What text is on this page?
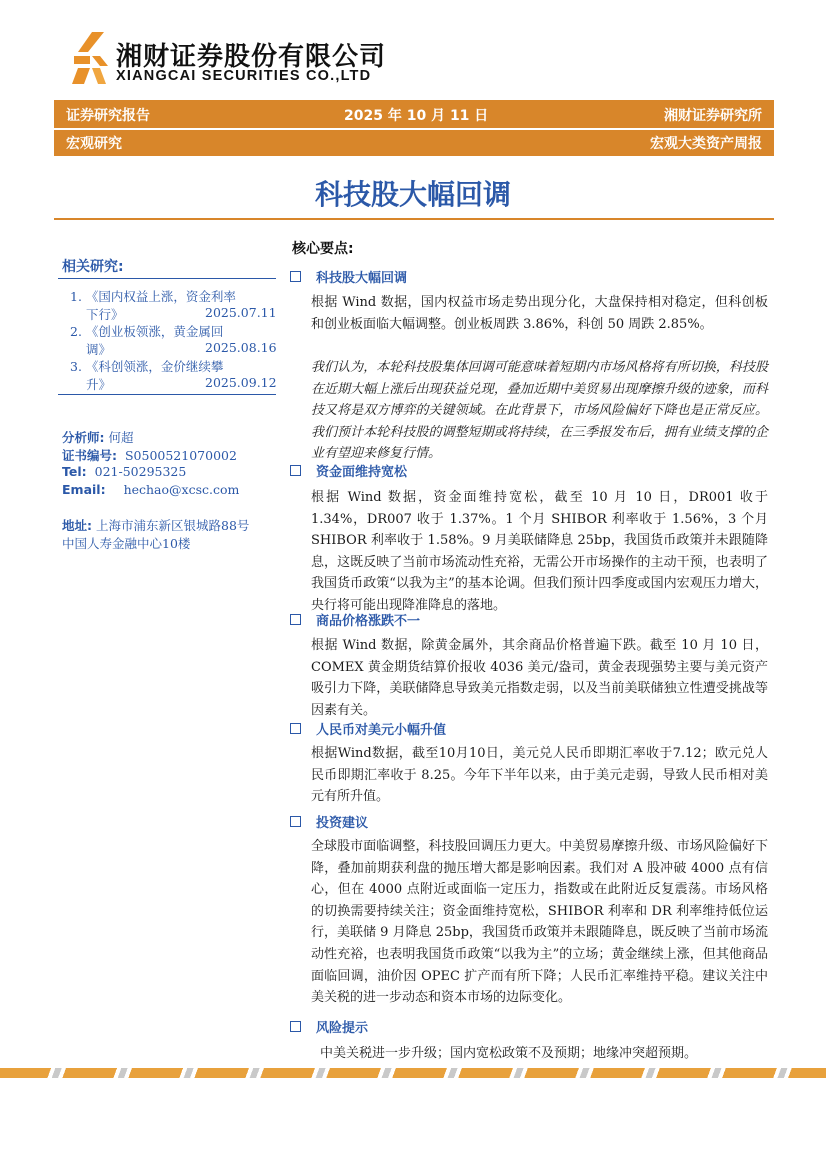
湘财证券股份有限公司
XIANGCAI SECURITIES CO.,LTD
证券研究报告	2025 年 10 月 11 日	湘财证券研究所
宏观研究	宏观大类资产周报
科技股大幅回调
相关研究:
1. 《国内权益上涨，资金利率
下行》	2025.07.11
2. 《创业板领涨，黄金属回
调》	2025.08.16
3. 《科创领涨，金价继续攀
升》	2025.09.12
分析师: 何超
证书编号: S0500521070002
Tel: 021-50295325
Email: hechao@xcsc.com
地址: 上海市浦东新区银城路88号
中国人寿金融中心10楼
核心要点:
科技股大幅回调
根据 Wind 数据，国内权益市场走势出现分化，大盘保持相对稳定，但科创板和创业板面临大幅调整。创业板周跌 3.86%，科创 50 周跌 2.85%。
我们认为，本轮科技股集体回调可能意味着短期内市场风格将有所切换，科技股在近期大幅上涨后出现获益兑现，叠加近期中美贸易出现摩擦升级的迹象，而科技又将是双方博弈的关键领域。在此背景下，市场风险偏好下降也是正常反应。我们预计本轮科技股的调整短期或将持续，在三季报发布后，拥有业绩支撑的企业有望迎来修复行情。
资金面维持宽松
根据 Wind 数据，资金面维持宽松，截至 10 月 10 日，DR001 收于 1.34%，DR007 收于 1.37%。1 个月 SHIBOR 利率收于 1.56%，3 个月 SHIBOR 利率收于 1.58%。9 月美联储降息 25bp，我国货币政策并未跟随降息，这既反映了当前市场流动性充裕，无需公开市场操作的主动干预，也表明了我国货币政策“以我为主”的基本论调。但我们预计四季度或国内宏观压力增大，央行将可能出现降准降息的落地。
商品价格涨跌不一
根据 Wind 数据，除黄金属外，其余商品价格普遍下跌。截至 10 月 10 日，COMEX 黄金期货结算价报收 4036 美元/盎司，黄金表现强势主要与美元资产吸引力下降，美联储降息导致美元指数走弱，以及当前美联储独立性遭受挑战等因素有关。
人民币对美元小幅升值
根据Wind数据，截至10月10日，美元兑人民币即期汇率收于7.12；欧元兑人民币即期汇率收于 8.25。今年下半年以来，由于美元走弱，导致人民币相对美元有所升值。
投资建议
全球股市面临调整，科技股回调压力更大。中美贸易摩擦升级、市场风险偏好下降，叠加前期获利盘的抛压增大都是影响因素。我们对 A 股冲破 4000 点有信心，但在 4000 点附近或面临一定压力，指数或在此附近反复震荡。市场风格的切换需要持续关注；资金面维持宽松，SHIBOR 利率和 DR 利率维持低位运行，美联储 9 月降息 25bp，我国货币政策并未跟随降息，既反映了当前市场流动性充裕，也表明我国货币政策“以我为主”的立场；黄金继续上涨，但其他商品面临回调，油价因 OPEC 扩产而有所下降；人民币汇率维持平稳。建议关注中美关税的进一步动态和资本市场的边际变化。
风险提示
中美关税进一步升级；国内宽松政策不及预期；地缘冲突超预期。
